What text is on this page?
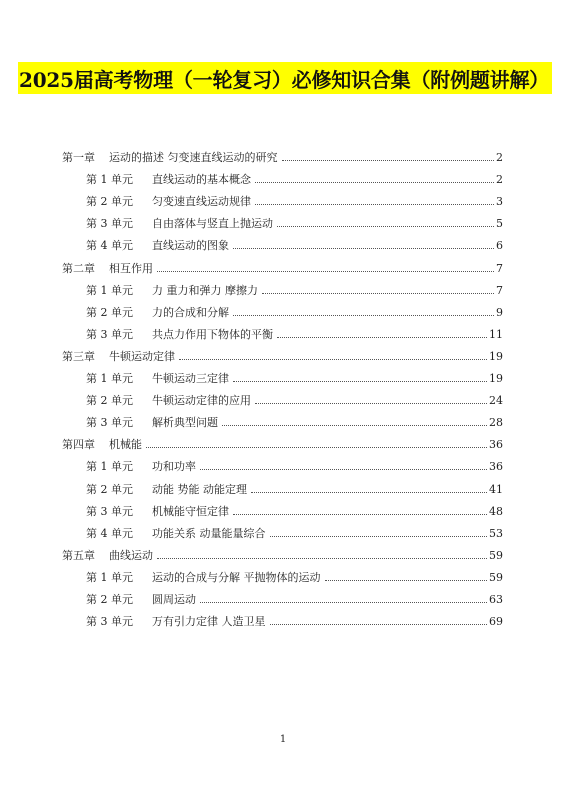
2025届高考物理（一轮复习）必修知识合集（附例题讲解）
第一章 运动的描述 匀变速直线运动的研究	2
第 1 单元	直线运动的基本概念	2
第 2 单元	匀变速直线运动规律	3
第 3 单元	自由落体与竖直上抛运动	5
第 4 单元	直线运动的图象	6
第二章 相互作用	7
第 1 单元	力 重力和弹力 摩擦力	7
第 2 单元	力的合成和分解	9
第 3 单元	共点力作用下物体的平衡	11
第三章 牛顿运动定律	19
第 1 单元	牛顿运动三定律	19
第 2 单元	牛顿运动定律的应用	24
第 3 单元	解析典型问题	28
第四章 机械能	36
第 1 单元	功和功率	36
第 2 单元	动能 势能 动能定理	41
第 3 单元	机械能守恒定律	48
第 4 单元	功能关系 动量能量综合	53
第五章 曲线运动	59
第 1 单元	运动的合成与分解 平抛物体的运动	59
第 2 单元	圆周运动	63
第 3 单元	万有引力定律 人造卫星	69
1
